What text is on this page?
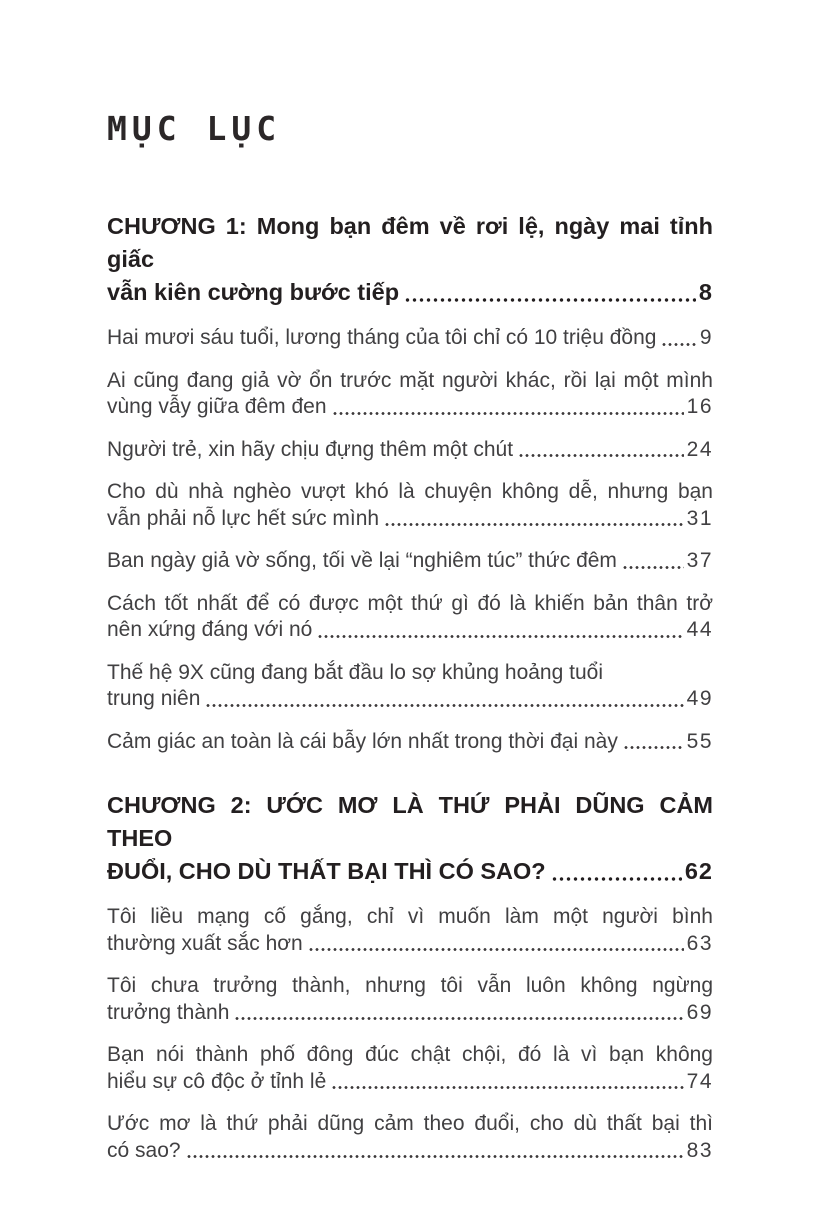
MỤC LỤC
CHƯƠNG 1: Mong bạn đêm về rơi lệ, ngày mai tỉnh giấc
vẫn kiên cường bước tiếp	8
Hai mươi sáu tuổi, lương tháng của tôi chỉ có 10 triệu đồng 9
Ai cũng đang giả vờ ổn trước mặt người khác, rồi lại một mình
vùng vẫy giữa đêm đen	16
Người trẻ, xin hãy chịu đựng thêm một chút	24
Cho dù nhà nghèo vượt khó là chuyện không dễ, nhưng bạn
vẫn phải nỗ lực hết sức mình	31
Ban ngày giả vờ sống, tối về lại “nghiêm túc” thức đêm	37
Cách tốt nhất để có được một thứ gì đó là khiến bản thân trở
nên xứng đáng với nó	44
Thế hệ 9X cũng đang bắt đầu lo sợ khủng hoảng tuổi
trung niên	49
Cảm giác an toàn là cái bẫy lớn nhất trong thời đại này	55
CHƯƠNG 2: ƯỚC MƠ LÀ THỨ PHẢI DŨNG CẢM THEO
ĐUỔI, CHO DÙ THẤT BẠI THÌ CÓ SAO?	62
Tôi liều mạng cố gắng, chỉ vì muốn làm một người bình
thường xuất sắc hơn	63
Tôi chưa trưởng thành, nhưng tôi vẫn luôn không ngừng
trưởng thành	69
Bạn nói thành phố đông đúc chật chội, đó là vì bạn không
hiểu sự cô độc ở tỉnh lẻ	74
Ước mơ là thứ phải dũng cảm theo đuổi, cho dù thất bại thì
có sao?	83
